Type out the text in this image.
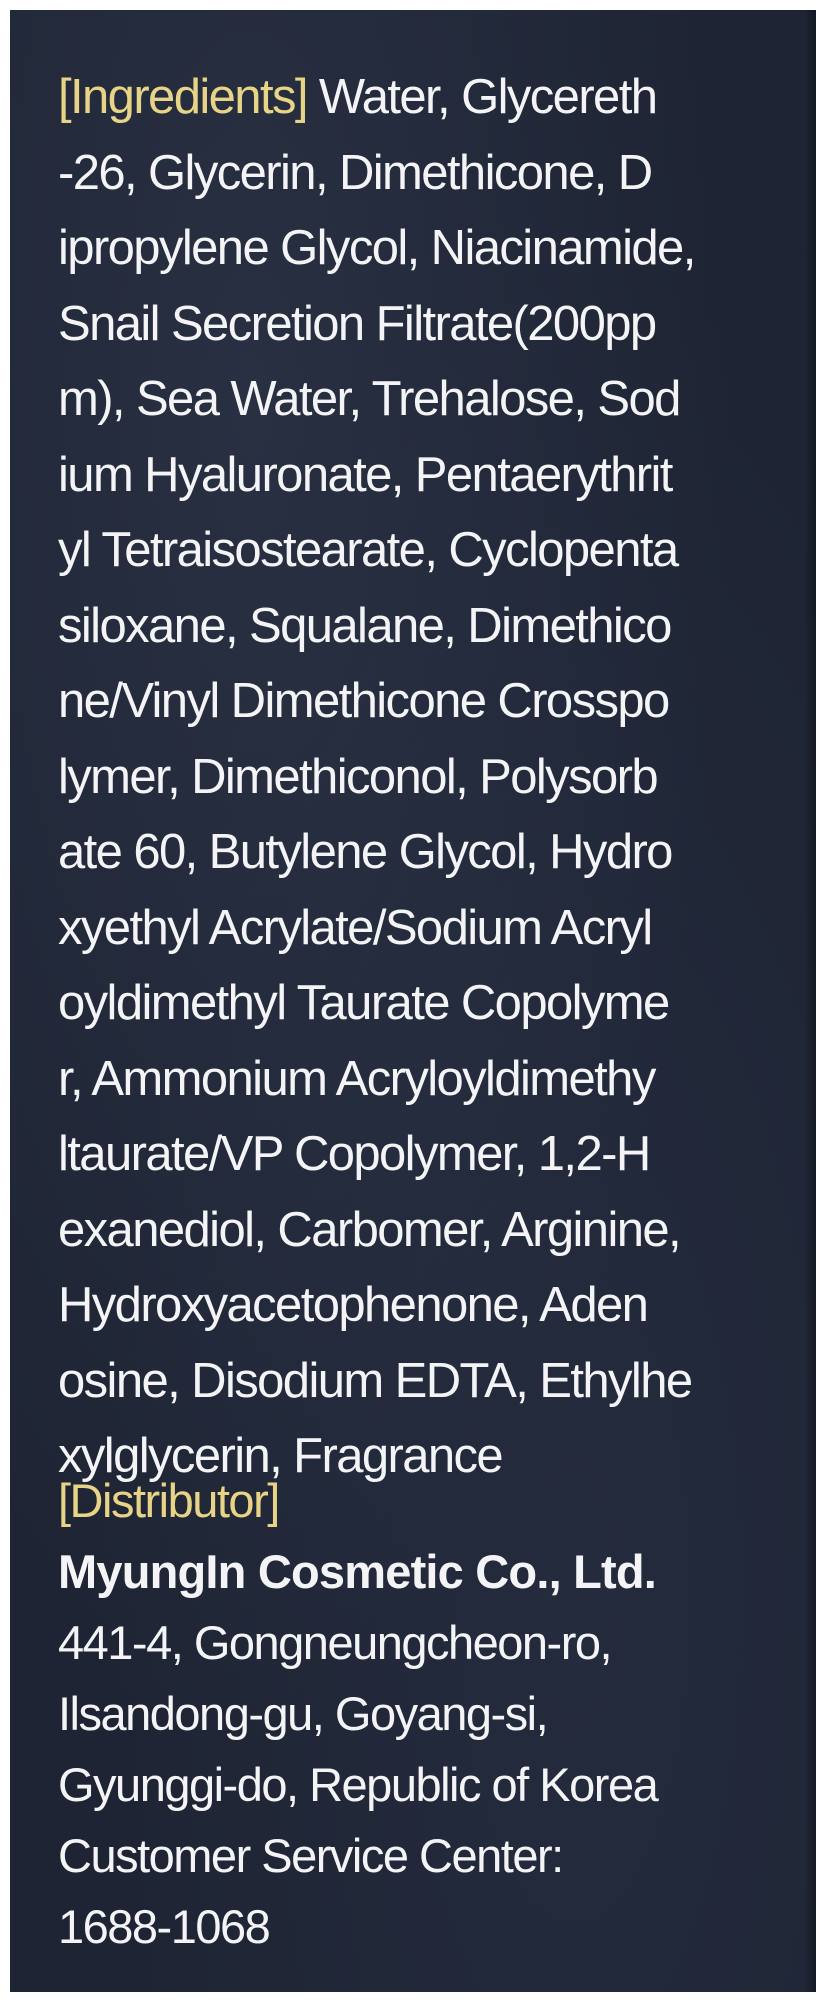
[Ingredients] Water, Glycereth
-26, Glycerin, Dimethicone, D
ipropylene Glycol, Niacinamide,
Snail Secretion Filtrate(200pp
m), Sea Water, Trehalose, Sod
ium Hyaluronate, Pentaerythrit
yl Tetraisostearate, Cyclopenta
siloxane, Squalane, Dimethico
ne/Vinyl Dimethicone Crosspo
lymer, Dimethiconol, Polysorb
ate 60, Butylene Glycol, Hydro
xyethyl Acrylate/Sodium Acryl
oyldimethyl Taurate Copolyme
r, Ammonium Acryloyldimethy
ltaurate/VP Copolymer, 1,2-H
exanediol, Carbomer, Arginine,
Hydroxyacetophenone, Aden
osine, Disodium EDTA, Ethylhe
xylglycerin, Fragrance
[Distributor]
MyungIn Cosmetic Co., Ltd.
441-4, Gongneungcheon-ro,
Ilsandong-gu, Goyang-si,
Gyunggi-do, Republic of Korea
Customer Service Center:
1688-1068
